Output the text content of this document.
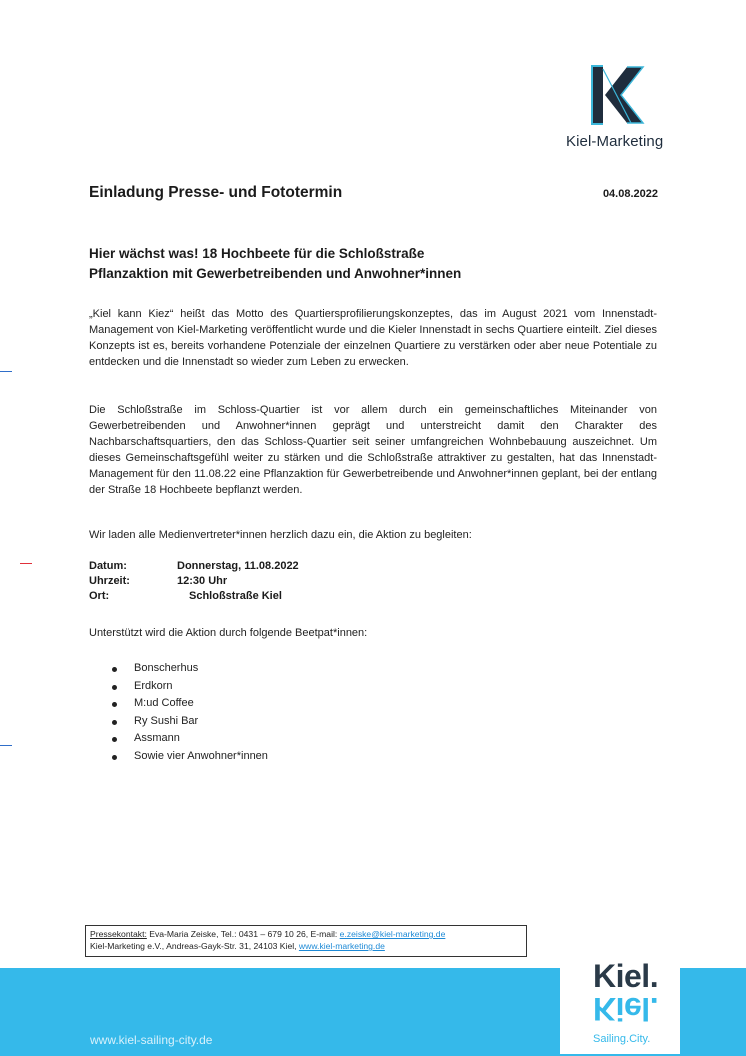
Kiel-Marketing
Einladung Presse- und Fototermin	04.08.2022
Hier wächst was! 18 Hochbeete für die Schloßstraße
Pflanzaktion mit Gewerbetreibenden und Anwohner*innen
„Kiel kann Kiez“ heißt das Motto des Quartiersprofilierungskonzeptes, das im August 2021 vom Innenstadt-Management von Kiel-Marketing veröffentlicht wurde und die Kieler Innenstadt in sechs Quartiere einteilt. Ziel dieses Konzepts ist es, bereits vorhandene Potenziale der einzelnen Quartiere zu verstärken oder aber neue Potentiale zu entdecken und die Innenstadt so wieder zum Leben zu erwecken.
Die Schloßstraße im Schloss-Quartier ist vor allem durch ein gemeinschaftliches Miteinander von Gewerbetreibenden und Anwohner*innen geprägt und unterstreicht damit den Charakter des Nachbarschaftsquartiers, den das Schloss-Quartier seit seiner umfangreichen Wohnbebauung auszeichnet. Um dieses Gemeinschaftsgefühl weiter zu stärken und die Schloßstraße attraktiver zu gestalten, hat das Innenstadt-Management für den 11.08.22 eine Pflanzaktion für Gewerbetreibende und Anwohner*innen geplant, bei der entlang der Straße 18 Hochbeete bepflanzt werden.
Wir laden alle Medienvertreter*innen herzlich dazu ein, die Aktion zu begleiten:
Datum:	Donnerstag, 11.08.2022
Uhrzeit:	12:30 Uhr
Ort:	Schloßstraße Kiel
Unterstützt wird die Aktion durch folgende Beetpat*innen:
Bonscherhus
Erdkorn
M:ud Coffee
Ry Sushi Bar
Assmann
Sowie vier Anwohner*innen
Pressekontakt: Eva-Maria Zeiske, Tel.: 0431 – 679 10 26, E-mail: e.zeiske@kiel-marketing.de
Kiel-Marketing e.V., Andreas-Gayk-Str. 31, 24103 Kiel, www.kiel-marketing.de
www.kiel-sailing-city.de
Kiel.
Kiel.
Sailing.City.
